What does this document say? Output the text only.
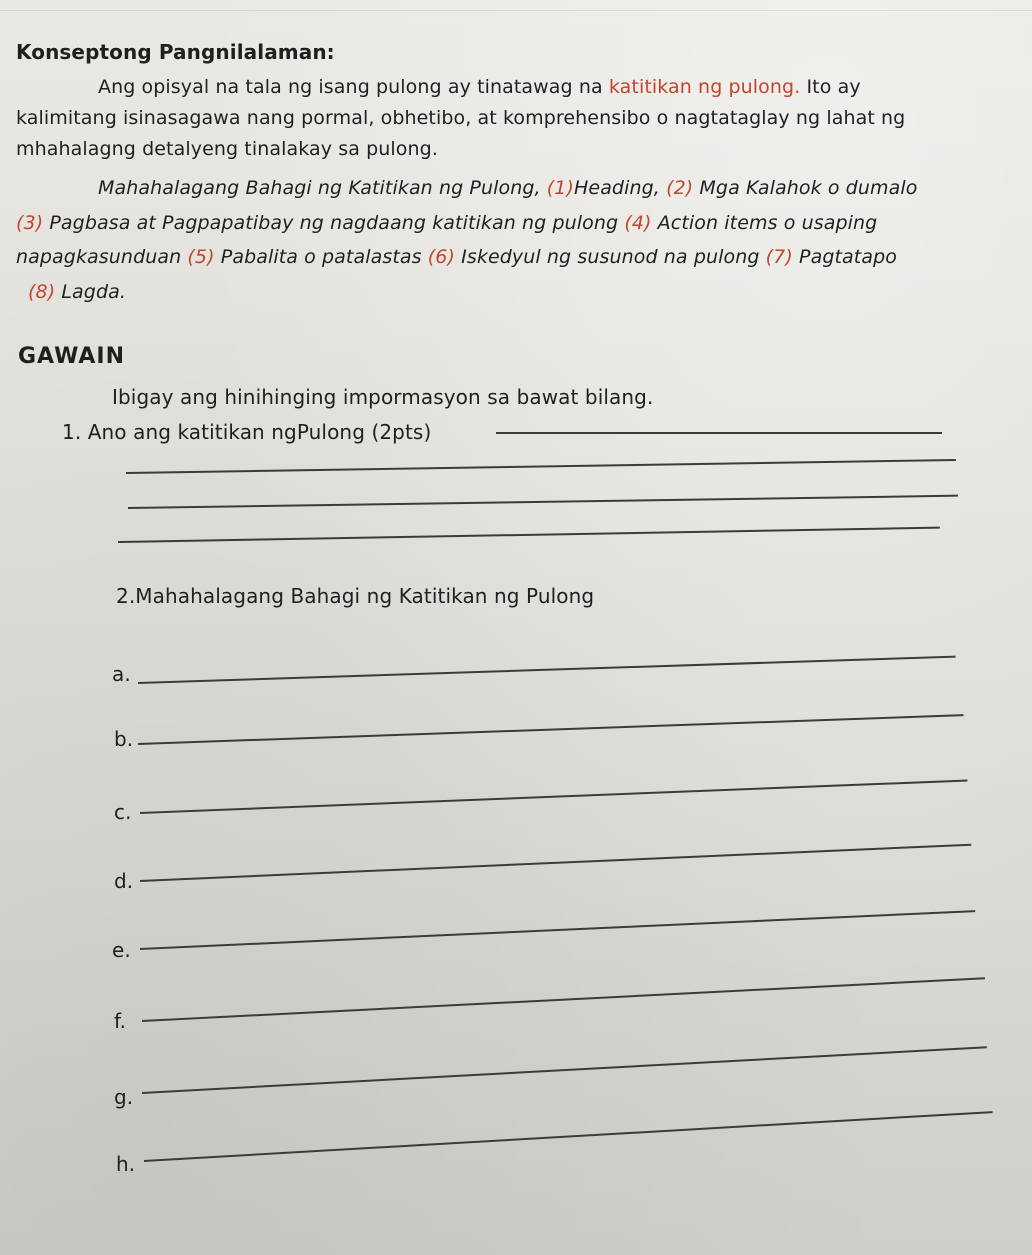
Konseptong Pangnilalaman:
Ang opisyal na tala ng isang pulong ay tinatawag na katitikan ng pulong. Ito ay
kalimitang isinasagawa nang pormal, obhetibo, at komprehensibo o nagtataglay ng lahat ng
mhahalagng detalyeng tinalakay sa pulong.
Mahahalagang Bahagi ng Katitikan ng Pulong, (1)Heading, (2) Mga Kalahok o dumalo
(3) Pagbasa at Pagpapatibay ng nagdaang katitikan ng pulong (4) Action items o usaping
napagkasunduan (5) Pabalita o patalastas (6) Iskedyul ng susunod na pulong (7) Pagtatapo
(8) Lagda.
GAWAIN
Ibigay ang hinihinging impormasyon sa bawat bilang.
1. Ano ang katitikan ngPulong (2pts)
2.Mahahalagang Bahagi ng Katitikan ng Pulong
a.
b.
c.
d.
e.
f.
g.
h.
